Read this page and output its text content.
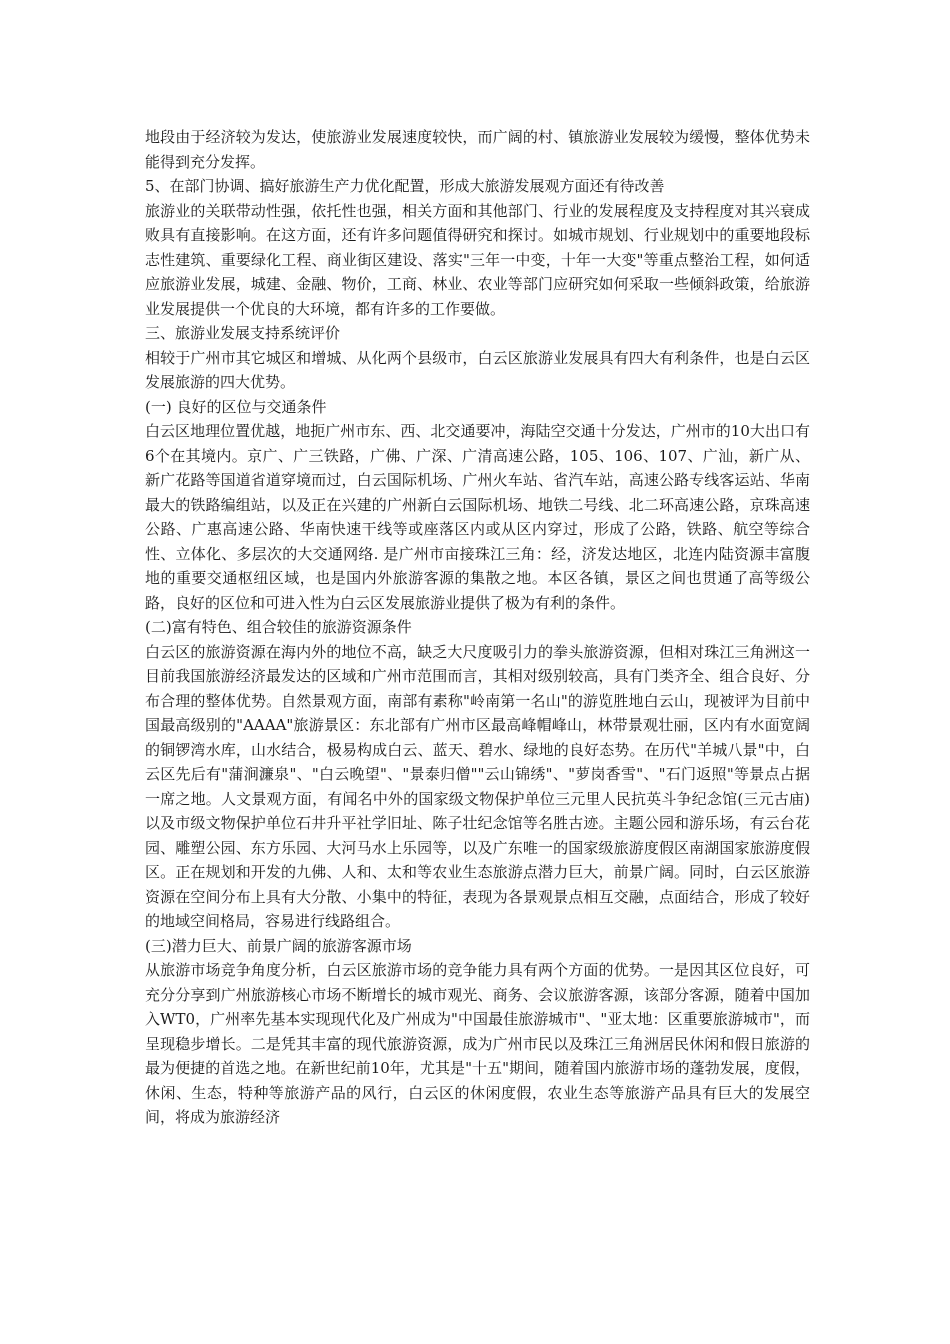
地段由于经济较为发达，使旅游业发展速度较快，而广阔的村、镇旅游业发展较为缓慢，整体优势未能得到充分发挥。

5、在部门协调、搞好旅游生产力优化配置，形成大旅游发展观方面还有待改善

旅游业的关联带动性强，依托性也强，相关方面和其他部门、行业的发展程度及支持程度对其兴衰成败具有直接影响。在这方面，还有许多问题值得研究和探讨。如城市规划、行业规划中的重要地段标志性建筑、重要绿化工程、商业街区建设、落实"三年一中变，十年一大变"等重点整治工程，如何适应旅游业发展，城建、金融、物价，工商、林业、农业等部门应研究如何采取一些倾斜政策，给旅游业发展提供一个优良的大环境，都有许多的工作要做。

三、旅游业发展支持系统评价

相较于广州市其它城区和增城、从化两个县级市，白云区旅游业发展具有四大有利条件，也是白云区发展旅游的四大优势。

(一) 良好的区位与交通条件

白云区地理位置优越，地扼广州市东、西、北交通要冲，海陆空交通十分发达，广州市的10大出口有6个在其境内。京广、广三铁路，广佛、广深、广清高速公路，105、106、107、广汕，新广从、新广花路等国道省道穿境而过，白云国际机场、广州火车站、省汽车站，高速公路专线客运站、华南最大的铁路编组站，以及正在兴建的广州新白云国际机场、地铁二号线、北二环高速公路，京珠高速公路、广惠高速公路、华南快速干线等或座落区内或从区内穿过，形成了公路，铁路、航空等综合性、立体化、多层次的大交通网络. 是广州市亩接珠江三角：经，济发达地区，北连内陆资源丰富腹地的重要交通枢纽区域，也是国内外旅游客源的集散之地。本区各镇，景区之间也贯通了高等级公路，良好的区位和可进入性为白云区发展旅游业提供了极为有利的条件。

(二)富有特色、组合较佳的旅游资源条件

白云区的旅游资源在海内外的地位不高，缺乏大尺度吸引力的拳头旅游资源，但相对珠江三角洲这一目前我国旅游经济最发达的区域和广州市范围而言，其相对级别较高，具有门类齐全、组合良好、分布合理的整体优势。自然景观方面，南部有素称"岭南第一名山"的游览胜地白云山，现被评为目前中国最高级别的"AAAA"旅游景区：东北部有广州市区最高峰帽峰山，林带景观壮丽，区内有水面宽阔的铜锣湾水库，山水结合，极易构成白云、蓝天、碧水、绿地的良好态势。在历代"羊城八景"中，白云区先后有"蒲涧濂泉"、"白云晚望"、"景泰归僧""云山锦绣"、"萝岗香雪"、"石门返照"等景点占据一席之地。人文景观方面，有闻名中外的国家级文物保护单位三元里人民抗英斗争纪念馆(三元古庙)以及市级文物保护单位石井升平社学旧址、陈子壮纪念馆等名胜古迹。主题公园和游乐场，有云台花园、雕塑公园、东方乐园、大河马水上乐园等，以及广东唯一的国家级旅游度假区南湖国家旅游度假区。正在规划和开发的九佛、人和、太和等农业生态旅游点潜力巨大，前景广阔。同时，白云区旅游资源在空间分布上具有大分散、小集中的特征，表现为各景观景点相互交融，点面结合，形成了较好的地域空间格局，容易进行线路组合。

(三)潜力巨大、前景广阔的旅游客源市场

从旅游市场竞争角度分析，白云区旅游市场的竞争能力具有两个方面的优势。一是因其区位良好，可充分分享到广州旅游核心市场不断增长的城市观光、商务、会议旅游客源，该部分客源，随着中国加入WT0，广州率先基本实现现代化及广州成为"中国最佳旅游城市"、"亚太地：区重要旅游城市"，而呈现稳步增长。二是凭其丰富的现代旅游资源，成为广州市民以及珠江三角洲居民休闲和假日旅游的最为便捷的首选之地。在新世纪前10年，尤其是"十五"期间，随着国内旅游市场的蓬勃发展，度假，休闲、生态，特种等旅游产品的风行，白云区的休闲度假，农业生态等旅游产品具有巨大的发展空间，将成为旅游经济
